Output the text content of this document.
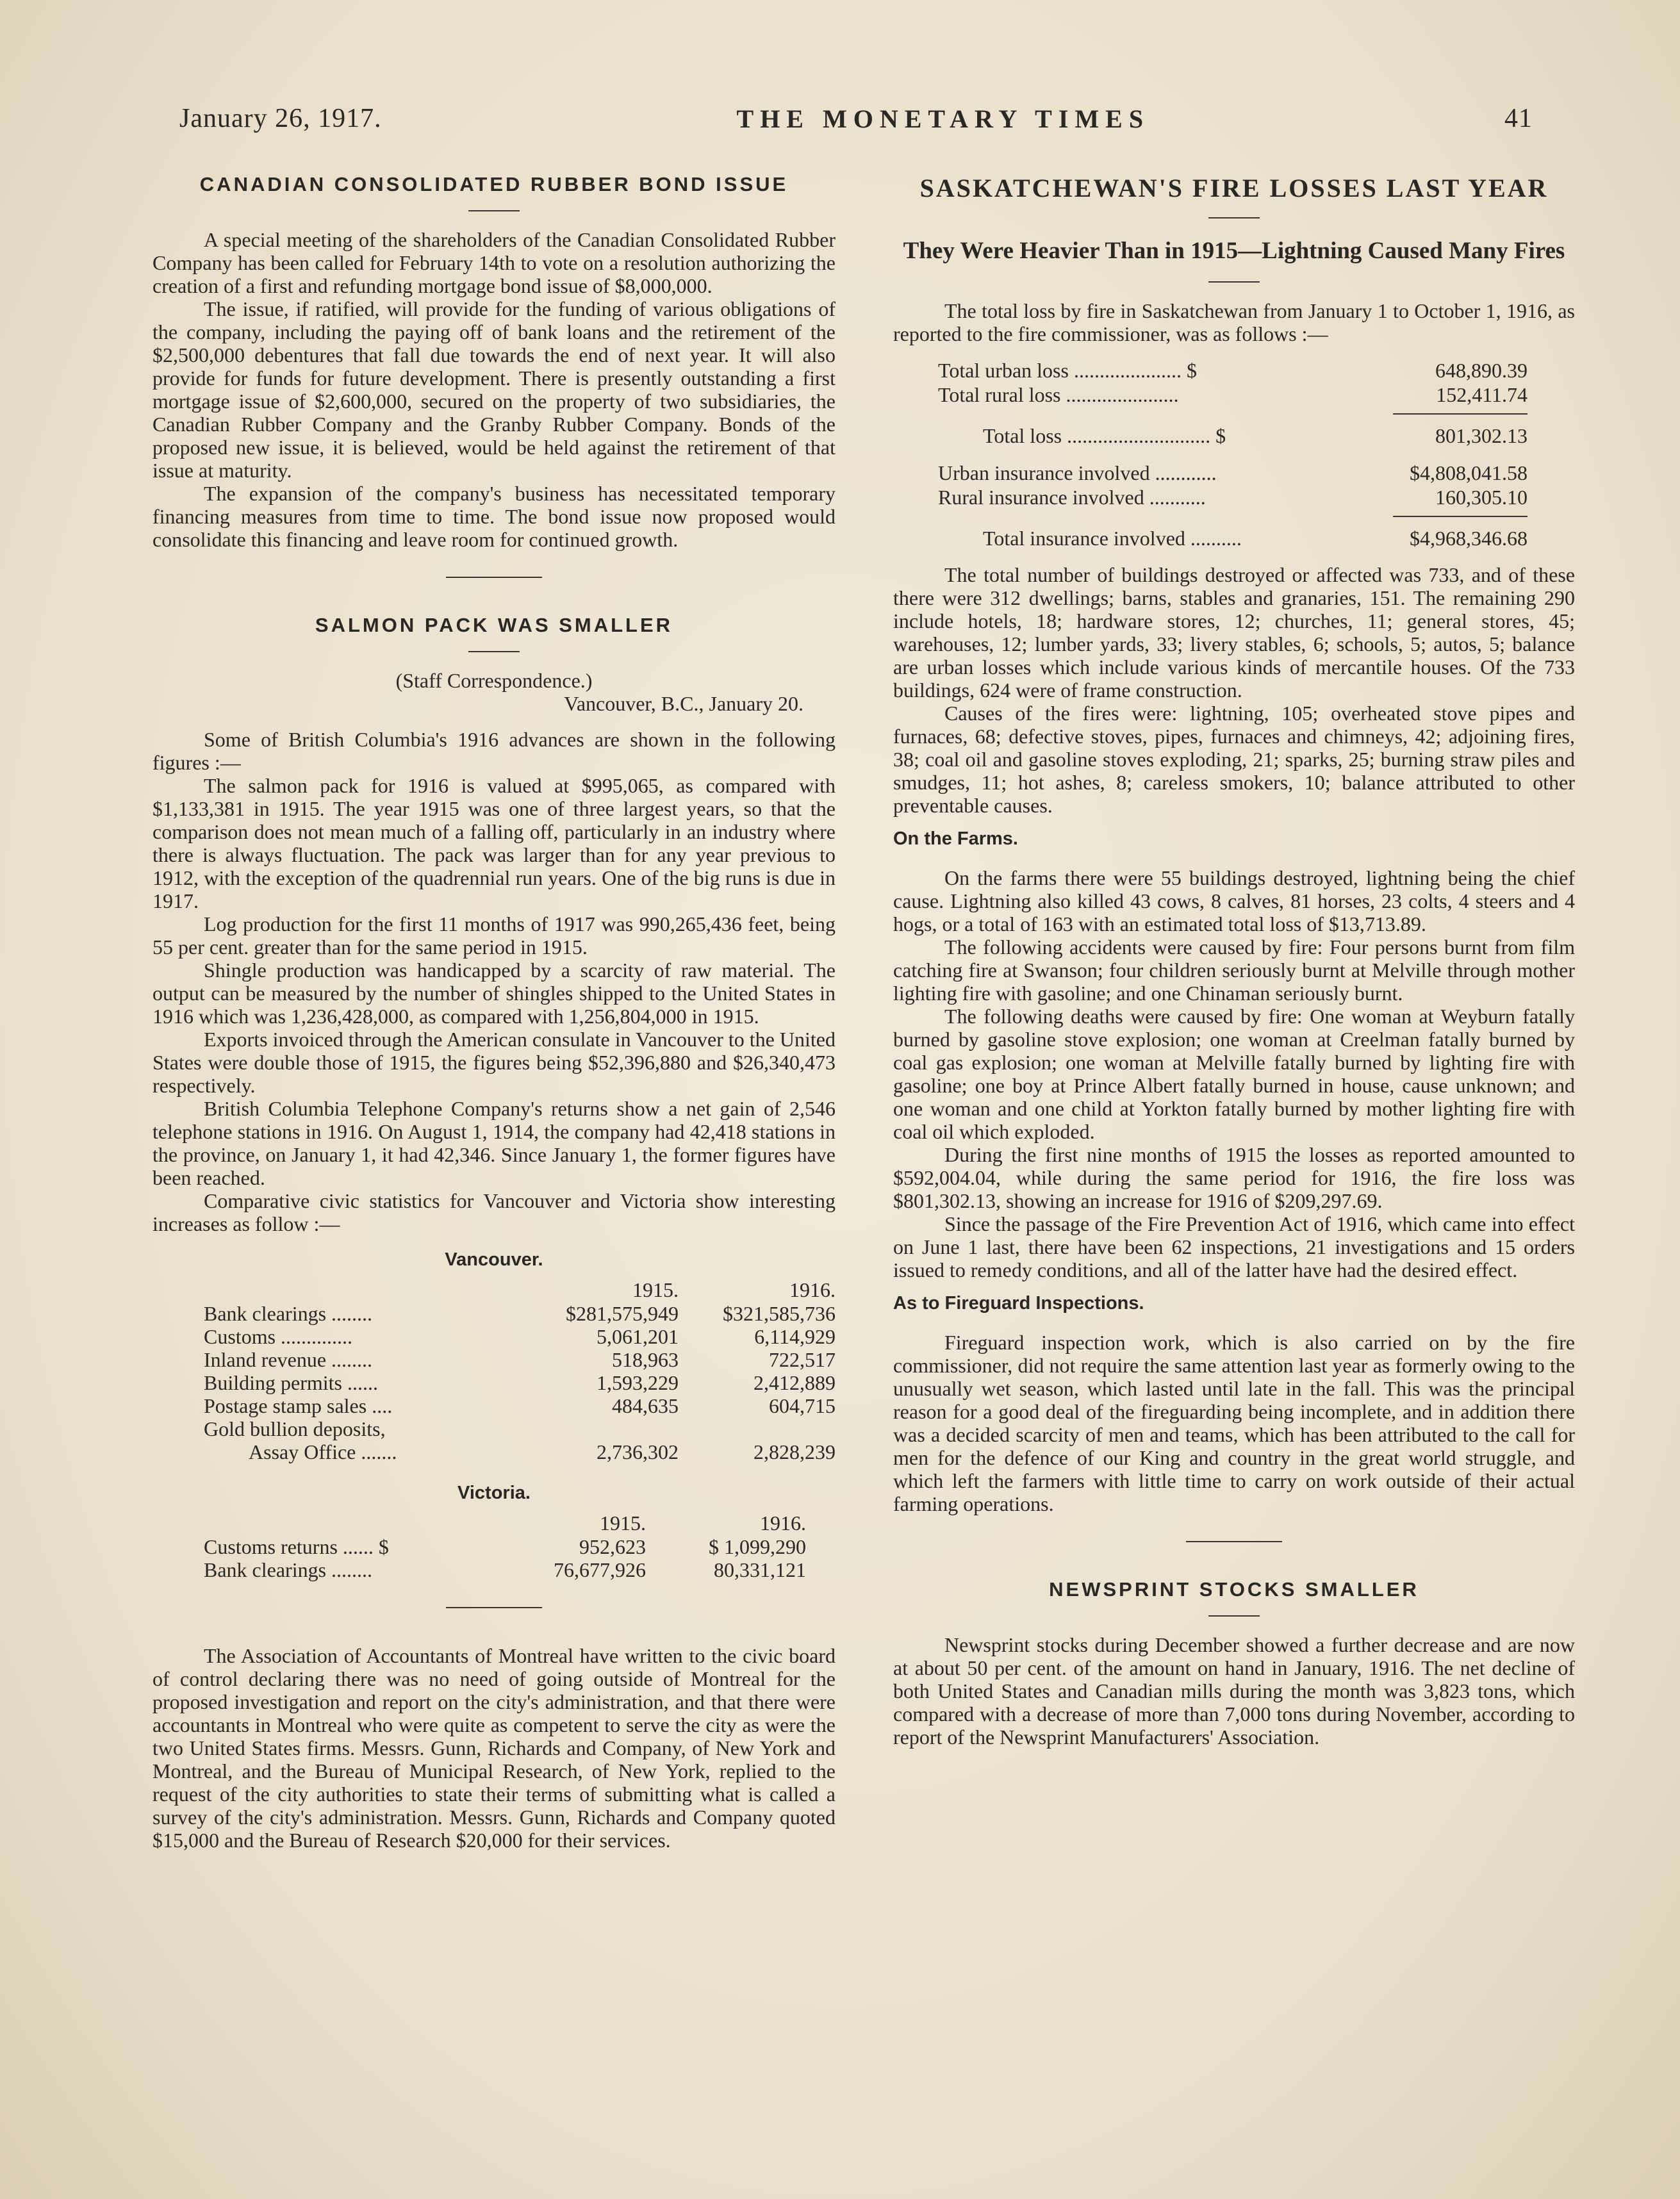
January 26, 1917.	THE MONETARY TIMES	41
CANADIAN CONSOLIDATED RUBBER BOND ISSUE

A special meeting of the shareholders of the Canadian Consolidated Rubber Company has been called for February 14th to vote on a resolution authorizing the creation of a first and refunding mortgage bond issue of $8,000,000.

The issue, if ratified, will provide for the funding of various obligations of the company, including the paying off of bank loans and the retirement of the $2,500,000 debentures that fall due towards the end of next year. It will also provide for funds for future development. There is presently outstanding a first mortgage issue of $2,600,000, secured on the property of two subsidiaries, the Canadian Rubber Company and the Granby Rubber Company. Bonds of the proposed new issue, it is believed, would be held against the retirement of that issue at maturity.

The expansion of the company's business has necessitated temporary financing measures from time to time. The bond issue now proposed would consolidate this financing and leave room for continued growth.

SALMON PACK WAS SMALLER

(Staff Correspondence.)

Vancouver, B.C., January 20.

Some of British Columbia's 1916 advances are shown in the following figures :—

The salmon pack for 1916 is valued at $995,065, as compared with $1,133,381 in 1915. The year 1915 was one of three largest years, so that the comparison does not mean much of a falling off, particularly in an industry where there is always fluctuation. The pack was larger than for any year previous to 1912, with the exception of the quadrennial run years. One of the big runs is due in 1917.

Log production for the first 11 months of 1917 was 990,265,436 feet, being 55 per cent. greater than for the same period in 1915.

Shingle production was handicapped by a scarcity of raw material. The output can be measured by the number of shingles shipped to the United States in 1916 which was 1,236,428,000, as compared with 1,256,804,000 in 1915.

Exports invoiced through the American consulate in Vancouver to the United States were double those of 1915, the figures being $52,396,880 and $26,340,473 respectively.

British Columbia Telephone Company's returns show a net gain of 2,546 telephone stations in 1916. On August 1, 1914, the company had 42,418 stations in the province, on January 1, it had 42,346. Since January 1, the former figures have been reached.

Comparative civic statistics for Vancouver and Victoria show interesting increases as follow :—

Vancouver.
	1915.	1916.
Bank clearings ........	$281,575,949	$321,585,736
Customs ..............	5,061,201	6,114,929
Inland revenue ........	518,963	722,517
Building permits ......	1,593,229	2,412,889
Postage stamp sales ....	484,635	604,715
Gold bullion deposits,		
Assay Office .......	2,736,302	2,828,239
Victoria.
	1915.	1916.
Customs returns ...... $	952,623	$ 1,099,290
Bank clearings ........	76,677,926	80,331,121

The Association of Accountants of Montreal have written to the civic board of control declaring there was no need of going outside of Montreal for the proposed investigation and report on the city's administration, and that there were accountants in Montreal who were quite as competent to serve the city as were the two United States firms. Messrs. Gunn, Richards and Company, of New York and Montreal, and the Bureau of Municipal Research, of New York, replied to the request of the city authorities to state their terms of submitting what is called a survey of the city's administration. Messrs. Gunn, Richards and Company quoted $15,000 and the Bureau of Research $20,000 for their services.

SASKATCHEWAN'S FIRE LOSSES LAST YEAR

They Were Heavier Than in 1915—Lightning Caused Many Fires

The total loss by fire in Saskatchewan from January 1 to October 1, 1916, as reported to the fire commissioner, was as follows :—

Total urban loss ..................... $	648,890.39
Total rural loss ......................	152,411.74
Total loss ............................ $	801,302.13
Urban insurance involved ............	$4,808,041.58
Rural insurance involved ...........	160,305.10
Total insurance involved ..........	$4,968,346.68

The total number of buildings destroyed or affected was 733, and of these there were 312 dwellings; barns, stables and granaries, 151. The remaining 290 include hotels, 18; hardware stores, 12; churches, 11; general stores, 45; warehouses, 12; lumber yards, 33; livery stables, 6; schools, 5; autos, 5; balance are urban losses which include various kinds of mercantile houses. Of the 733 buildings, 624 were of frame construction.

Causes of the fires were: lightning, 105; overheated stove pipes and furnaces, 68; defective stoves, pipes, furnaces and chimneys, 42; adjoining fires, 38; coal oil and gasoline stoves exploding, 21; sparks, 25; burning straw piles and smudges, 11; hot ashes, 8; careless smokers, 10; balance attributed to other preventable causes.

On the Farms.

On the farms there were 55 buildings destroyed, lightning being the chief cause. Lightning also killed 43 cows, 8 calves, 81 horses, 23 colts, 4 steers and 4 hogs, or a total of 163 with an estimated total loss of $13,713.89.

The following accidents were caused by fire: Four persons burnt from film catching fire at Swanson; four children seriously burnt at Melville through mother lighting fire with gasoline; and one Chinaman seriously burnt.

The following deaths were caused by fire: One woman at Weyburn fatally burned by gasoline stove explosion; one woman at Creelman fatally burned by coal gas explosion; one woman at Melville fatally burned by lighting fire with gasoline; one boy at Prince Albert fatally burned in house, cause unknown; and one woman and one child at Yorkton fatally burned by mother lighting fire with coal oil which exploded.

During the first nine months of 1915 the losses as reported amounted to $592,004.04, while during the same period for 1916, the fire loss was $801,302.13, showing an increase for 1916 of $209,297.69.

Since the passage of the Fire Prevention Act of 1916, which came into effect on June 1 last, there have been 62 inspections, 21 investigations and 15 orders issued to remedy conditions, and all of the latter have had the desired effect.

As to Fireguard Inspections.

Fireguard inspection work, which is also carried on by the fire commissioner, did not require the same attention last year as formerly owing to the unusually wet season, which lasted until late in the fall. This was the principal reason for a good deal of the fireguarding being incomplete, and in addition there was a decided scarcity of men and teams, which has been attributed to the call for men for the defence of our King and country in the great world struggle, and which left the farmers with little time to carry on work outside of their actual farming operations.

NEWSPRINT STOCKS SMALLER

Newsprint stocks during December showed a further decrease and are now at about 50 per cent. of the amount on hand in January, 1916. The net decline of both United States and Canadian mills during the month was 3,823 tons, which compared with a decrease of more than 7,000 tons during November, according to report of the Newsprint Manufacturers' Association.
